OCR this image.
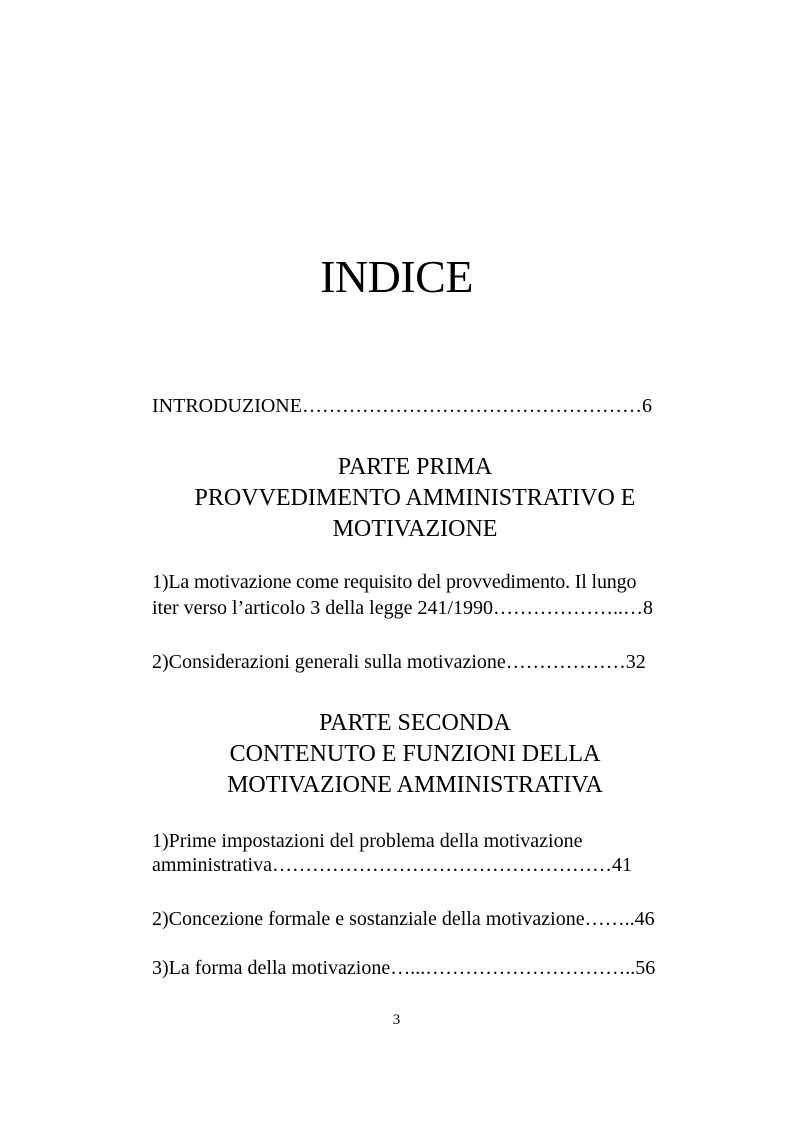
INDICE
INTRODUZIONE……………………………………………6
PARTE PRIMA
PROVVEDIMENTO AMMINISTRATIVO E
MOTIVAZIONE
1)La motivazione come requisito del provvedimento. Il lungo
iter verso l’articolo 3 della legge 241/1990………………..…8
2)Considerazioni generali sulla motivazione………………32
PARTE SECONDA
CONTENUTO E FUNZIONI DELLA
MOTIVAZIONE AMMINISTRATIVA
1)Prime impostazioni del problema della motivazione
amministrativa……………………………………………41
2)Concezione formale e sostanziale della motivazione……..46
3)La forma della motivazione…...…………………………..56
3
